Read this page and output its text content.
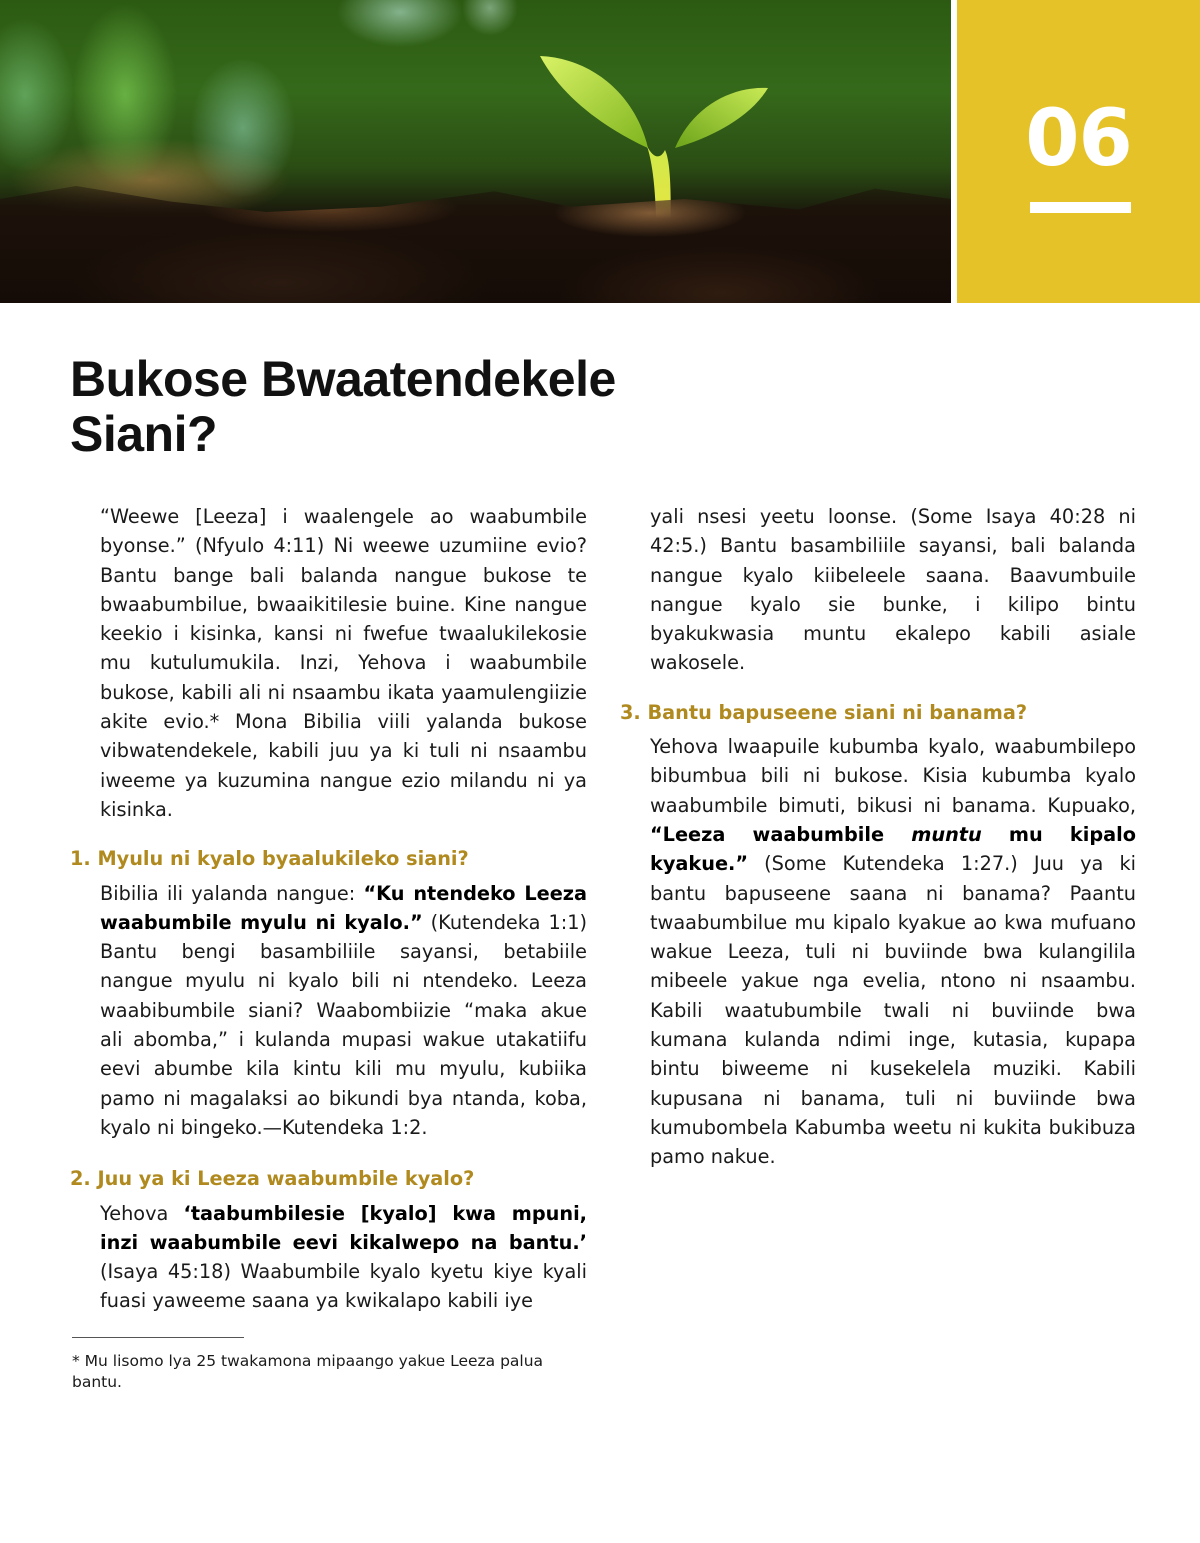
06
Bukose Bwaatendekele
Siani?

“Weewe [Leeza] i waalengele ao waabumbile byonse.” (Nfyulo 4:11) Ni weewe uzumiine evio? Bantu bange bali balanda nangue bukose te bwaabumbilue, bwaaikitilesie buine. Kine nangue keekio i kisinka, kansi ni fwefue twaalukilekosie mu kutulumukila. Inzi, Yehova i waabumbile bukose, kabili ali ni nsaambu ikata yaamulengiizie akite evio.* Mona Bibilia viili yalanda bukose vibwatendekele, kabili juu ya ki tuli ni nsaambu iweeme ya kuzumina nangue ezio milandu ni ya kisinka.

1. Myulu ni kyalo byaalukileko siani?

Bibilia ili yalanda nangue: “Ku ntendeko Leeza waabumbile myulu ni kyalo.” (Kutendeka 1:1) Bantu bengi basambiliile sayansi, betabiile nangue myulu ni kyalo bili ni ntendeko. Leeza waabibumbile siani? Waabombiizie “maka akue ali abomba,” i kulanda mupasi wakue utakatiifu eevi abumbe kila kintu kili mu myulu, kubiika pamo ni magalaksi ao bikundi bya ntanda, koba, kyalo ni bingeko.—Kutendeka 1:2.

2. Juu ya ki Leeza waabumbile kyalo?

Yehova ‘taabumbilesie [kyalo] kwa mpuni, inzi waabumbile eevi kikalwepo na bantu.’ (Isaya 45:18) Waabumbile kyalo kyetu kiye kyali fuasi yaweeme saana ya kwikalapo kabili iye

yali nsesi yeetu loonse. (Some Isaya 40:28 ni 42:5.) Bantu basambiliile sayansi, bali balanda nangue kyalo kiibeleele saana. Baavumbuile nangue kyalo sie bunke, i kilipo bintu byakukwasia muntu ekalepo kabili asiale wakosele.

3. Bantu bapuseene siani ni banama?

Yehova lwaapuile kubumba kyalo, waabumbilepo bibumbua bili ni bukose. Kisia kubumba kyalo waabumbile bimuti, bikusi ni banama. Kupuako, “Leeza waabumbile muntu mu kipalo kyakue.” (Some Kutendeka 1:27.) Juu ya ki bantu bapuseene saana ni banama? Paantu twaabumbilue mu kipalo kyakue ao kwa mufuano wakue Leeza, tuli ni buviinde bwa kulangilila mibeele yakue nga evelia, ntono ni nsaambu. Kabili waatubumbile twali ni buviinde bwa kumana kulanda ndimi inge, kutasia, kupapa bintu biweeme ni kusekelela muziki. Kabili kupusana ni banama, tuli ni buviinde bwa kumubombela Kabumba weetu ni kukita bukibuza pamo nakue.

* Mu lisomo lya 25 twakamona mipaango yakue Leeza palua bantu.
